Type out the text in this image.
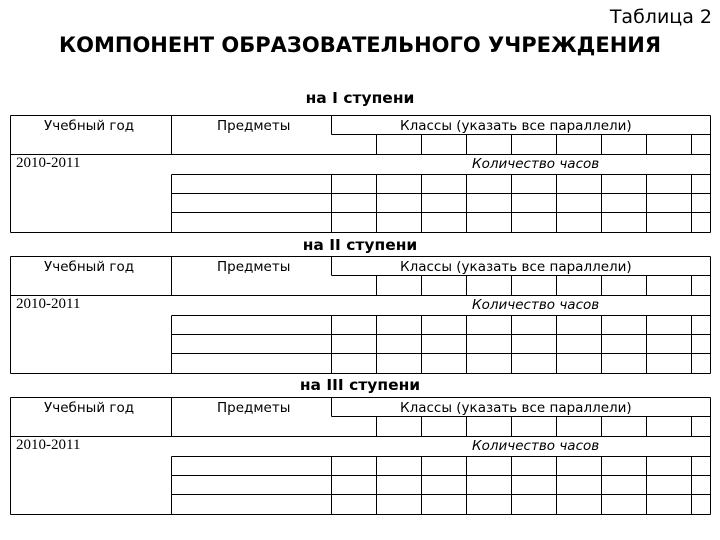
Таблица 2
КОМПОНЕНТ ОБРАЗОВАТЕЛЬНОГО УЧРЕЖДЕНИЯ
на I ступени
Учебный год	Предметы	Классы (указать все параллели)
2010-2011	Количество часов
на II ступени
Учебный год	Предметы	Классы (указать все параллели)
2010-2011	Количество часов
на III ступени
Учебный год	Предметы	Классы (указать все параллели)
2010-2011	Количество часов
